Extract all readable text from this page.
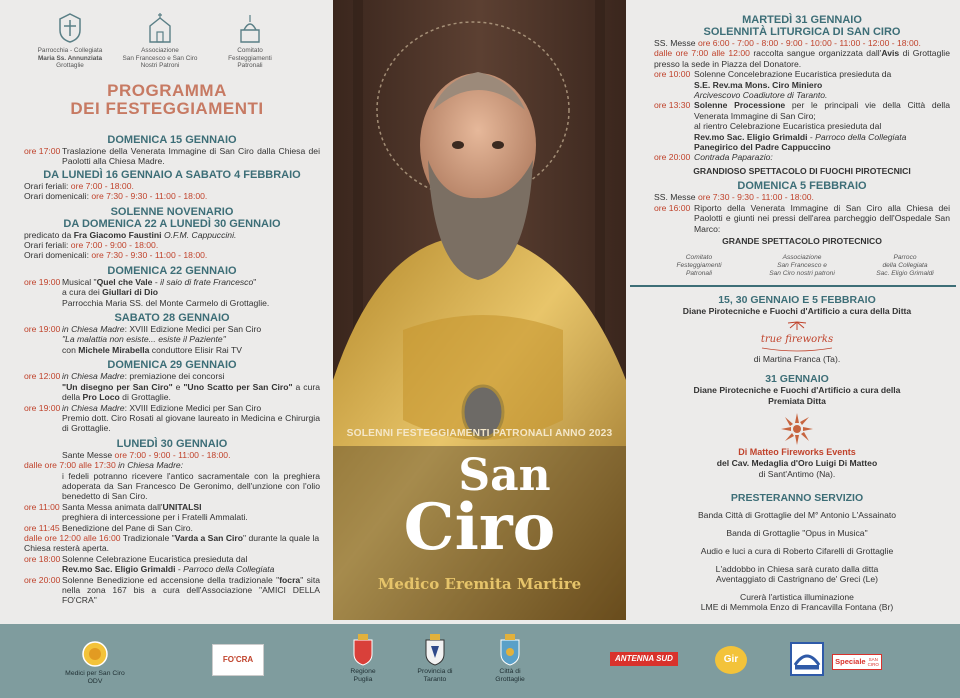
Parrocchia - Collegiata
Maria Ss. Annunziata
Grottaglie
Associazione
San Francesco e San Ciro
Nostri Patroni
Comitato
Festeggiamenti
Patronali
PROGRAMMA
DEI FESTEGGIAMENTI
DOMENICA 15 GENNAIO
ore 17:00 Traslazione della Venerata Immagine di San Ciro dalla Chiesa dei Paolotti alla Chiesa Madre.
DA LUNEDÌ 16 GENNAIO A SABATO 4 FEBBRAIO
Orari feriali: ore 7:00 - 18:00.
Orari domenicali: ore 7:30 - 9:30 - 11:00 - 18:00.
SOLENNE NOVENARIO
DA DOMENICA 22 A LUNEDÌ 30 GENNAIO
predicato da Fra Giacomo Faustini O.F.M. Cappuccini.
Orari feriali: ore 7:00 - 9:00 - 18:00.
Orari domenicali: ore 7:30 - 9:30 - 11:00 - 18:00.
DOMENICA 22 GENNAIO
ore 19:00 Musical "Quel che Vale - il saio di frate Francesco"
a cura dei Giullari di Dio
Parrocchia Maria SS. del Monte Carmelo di Grottaglie.
SABATO 28 GENNAIO
ore 19:00 in Chiesa Madre: XVIII Edizione Medici per San Ciro
"La malattia non esiste... esiste il Paziente"
con Michele Mirabella conduttore Elisir Rai TV
DOMENICA 29 GENNAIO
ore 12:00 in Chiesa Madre: premiazione dei concorsi
"Un disegno per San Ciro" e "Uno Scatto per San Ciro" a cura della Pro Loco di Grottaglie.
ore 19:00 in Chiesa Madre: XVIII Edizione Medici per San Ciro
Premio dott. Ciro Rosati al giovane laureato in Medicina e Chirurgia di Grottaglie.
LUNEDÌ 30 GENNAIO
Sante Messe ore 7:00 - 9:00 - 11:00 - 18:00.
dalle ore 7:00 alle 17:30 in Chiesa Madre:
i fedeli potranno ricevere l'antico sacramentale con la preghiera adoperata da San Francesco De Geronimo, dell'unzione con l'olio benedetto di San Ciro.
ore 11:00 Santa Messa animata dall'UNITALSI
preghiera di intercessione per i Fratelli Ammalati.
ore 11:45 Benedizione del Pane di San Ciro.
dalle ore 12:00 alle 16:00 Tradizionale "Varda a San Ciro" durante la quale la Chiesa resterà aperta.
ore 18:00 Solenne Celebrazione Eucaristica presieduta dal
Rev.mo Sac. Eligio Grimaldi - Parroco della Collegiata
ore 20:00 Solenne Benedizione ed accensione della tradizionale "focra" sita nella zona 167 bis a cura dell'Associazione "AMICI DELLA FO'CRA"
SOLENNI FESTEGGIAMENTI PATRONALI ANNO 2023
San
Ciro
Medico Eremita Martire
MARTEDÌ 31 GENNAIO
SOLENNITÀ LITURGICA DI SAN CIRO
SS. Messe ore 6:00 - 7:00 - 8:00 - 9:00 - 10:00 - 11:00 - 12:00 - 18:00.
dalle ore 7:00 alle 12:00 raccolta sangue organizzata dall'Avis di Grottaglie presso la sede in Piazza del Donatore.
ore 10:00 Solenne Concelebrazione Eucaristica presieduta da
S.E. Rev.ma Mons. Ciro Miniero
Arcivescovo Coadiutore di Taranto.
ore 13:30 Solenne Processione per le principali vie della Città della Venerata Immagine di San Ciro;
al rientro Celebrazione Eucaristica presieduta dal
Rev.mo Sac. Eligio Grimaldi - Parroco della Collegiata
Panegirico del Padre Cappuccino
ore 20:00 Contrada Paparazio:
GRANDIOSO SPETTACOLO DI FUOCHI PIROTECNICI
DOMENICA 5 FEBBRAIO
SS. Messe ore 7:30 - 9:30 - 11:00 - 18:00.
ore 16:00 Riporto della Venerata Immagine di San Ciro alla Chiesa dei Paolotti e giunti nei pressi dell'area parcheggio dell'Ospedale San Marco:
GRANDE SPETTACOLO PIROTECNICO
Comitato
Festeggiamenti
Patronali
Associazione
San Francesco e
San Ciro nostri patroni
Parroco
della Collegiata
Sac. Eligio Grimaldi
15, 30 GENNAIO E 5 FEBBRAIO
Diane Pirotecniche e Fuochi d'Artificio a cura della Ditta
true fireworks
di Martina Franca (Ta).
31 GENNAIO
Diane Pirotecniche e Fuochi d'Artificio a cura della
Premiata Ditta
Di Matteo Fireworks Events
del Cav. Medaglia d'Oro Luigi Di Matteo
di Sant'Antimo (Na).
PRESTERANNO SERVIZIO

Banda Città di Grottaglie del M° Antonio L'Assainato

Banda di Grottaglie "Opus in Musica"

Audio e luci a cura di Roberto Cifarelli di Grottaglie

L'addobbo in Chiesa sarà curato dalla ditta

Aventaggiato di Castrignano de' Greci (Le)

Curerà l'artistica illuminazione

LME di Memmola Enzo di Francavilla Fontana (Br)

Medici per San Ciro
ODV
FO'CRA
Regione
Puglia
Provincia di
Taranto
Città di
Grottaglie
ANTENNA SUD	Gir	Speciale SAN CIRO
